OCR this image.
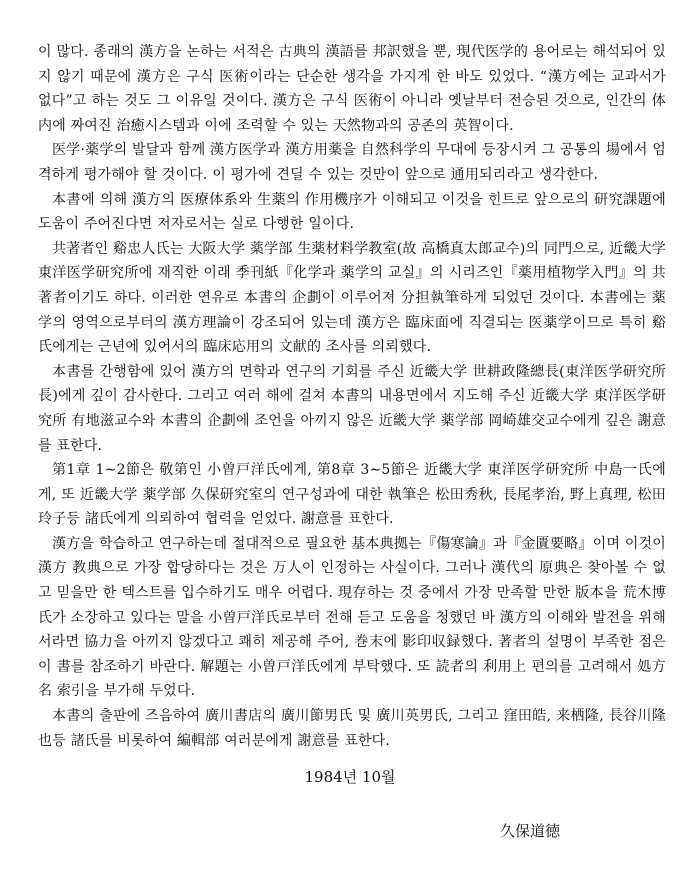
이 많다. 종래의 漢方을 논하는 서적은 古典의 漢語를 邦訳했을 뿐, 現代医学的 용어로는 해석되어 있지 않기 때문에 漢方은 구식 医術이라는 단순한 생각을 가지게 한 바도 있었다. “漢方에는 교과서가 없다”고 하는 것도 그 이유일 것이다. 漢方은 구식 医術이 아니라 옛날부터 전승된 것으로, 인간의 体内에 짜여진 治癒시스템과 이에 조력할 수 있는 天然物과의 공존의 英智이다.

医学·薬学의 발달과 함께 漢方医学과 漢方用薬을 自然科学의 무대에 등장시켜 그 공통의 場에서 엄격하게 평가해야 할 것이다. 이 평가에 견딜 수 있는 것만이 앞으로 通用되리라고 생각한다.

本書에 의해 漢方의 医療体系와 生薬의 作用機序가 이해되고 이것을 힌트로 앞으로의 研究課題에 도움이 주어진다면 저자로서는 실로 다행한 일이다.

共著者인 谿忠人氏는 大阪大学 薬学部 生薬材料学教室(故 高橋真太郎교수)의 同門으로, 近畿大学 東洋医学研究所에 재직한 이래 季刊紙『化学과 薬学의 교실』의 시리즈인『薬用植物学入門』의 共著者이기도 하다. 이러한 연유로 本書의 企劃이 이루어져 分担執筆하게 되었던 것이다. 本書에는 薬学의 영역으로부터의 漢方理論이 강조되어 있는데 漢方은 臨床面에 직결되는 医薬学이므로 특히 谿氏에게는 근년에 있어서의 臨床応用의 文献的 조사를 의뢰했다.

本書를 간행함에 있어 漢方의 면학과 연구의 기회를 주신 近畿大学 世耕政隆總長(東洋医学研究所長)에게 깊이 감사한다. 그리고 여러 해에 걸쳐 本書의 내용면에서 지도해 주신 近畿大学 東洋医学研究所 有地滋교수와 本書의 企劃에 조언을 아끼지 않은 近畿大学 薬学部 岡崎雄交교수에게 깊은 謝意를 표한다.

第1章 1∼2節은 敬第인 小曽戸洋氏에게, 第8章 3∼5節은 近畿大学 東洋医学研究所 中島一氏에게, 또 近畿大学 薬学部 久保研究室의 연구성과에 대한 執筆은 松田秀秋, 長尾孝治, 野上真理, 松田玲子등 諸氏에게 의뢰하여 협력을 얻었다. 謝意를 표한다.

漢方을 학습하고 연구하는데 절대적으로 필요한 基本典拠는『傷寒論』과『金匱要略』이며 이것이 漢方 教典으로 가장 합당하다는 것은 万人이 인정하는 사실이다. 그러나 漢代의 原典은 찾아볼 수 없고 믿을만 한 텍스트를 입수하기도 매우 어렵다. 現存하는 것 중에서 가장 만족할 만한 版本을 荒木博氏가 소장하고 있다는 말을 小曽戸洋氏로부터 전해 듣고 도움을 청했던 바 漢方의 이해와 발전을 위해서라면 協力을 아끼지 않겠다고 쾌히 제공해 주어, 巻末에 影印収録했다. 著者의 설명이 부족한 점은 이 書를 참조하기 바란다. 解題는 小曽戸洋氏에게 부탁했다. 또 読者의 利用上 편의를 고려해서 処方名 索引을 부가해 두었다.

本書의 출판에 즈음하여 廣川書店의 廣川節男氏 및 廣川英男氏, 그리고 窪田皓, 来栖隆, 長谷川隆也등 諸氏를 비롯하여 編輯部 여러분에게 謝意를 표한다.

1984년 10월
久保道徳
